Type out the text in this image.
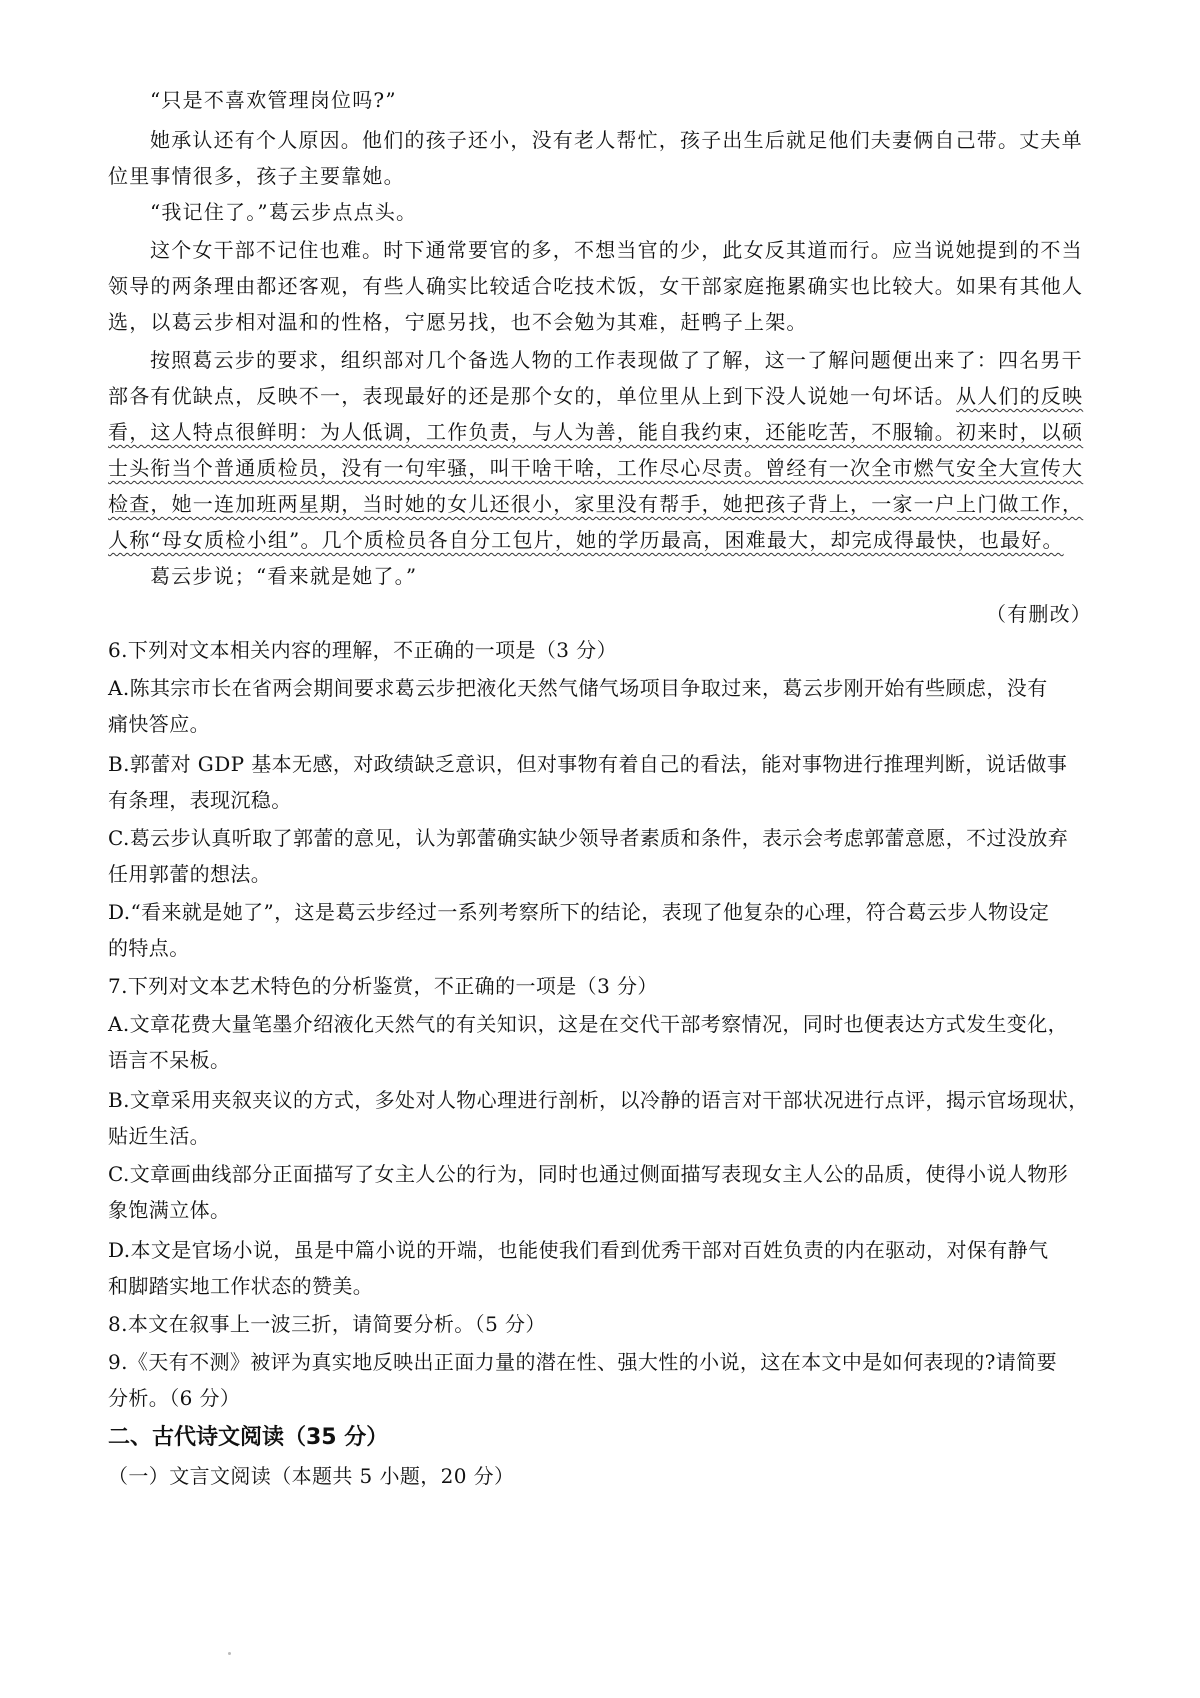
“只是不喜欢管理岗位吗?”
她承认还有个人原因。他们的孩子还小，没有老人帮忙，孩子出生后就足他们夫妻俩自己带。丈夫单
位里事情很多，孩子主要靠她。
“我记住了。”葛云步点点头。
这个女干部不记住也难。时下通常要官的多，不想当官的少，此女反其道而行。应当说她提到的不当
领导的两条理由都还客观，有些人确实比较适合吃技术饭，女干部家庭拖累确实也比较大。如果有其他人
选，以葛云步相对温和的性格，宁愿另找，也不会勉为其难，赶鸭子上架。
按照葛云步的要求，组织部对几个备选人物的工作表现做了了解，这一了解问题便出来了：四名男干
部各有优缺点，反映不一，表现最好的还是那个女的，单位里从上到下没人说她一句坏话。从人们的反映
看，这人特点很鲜明：为人低调，工作负责，与人为善，能自我约束，还能吃苦，不服输。初来时，以硕
士头衔当个普通质检员，没有一句牢骚，叫干啥干啥，工作尽心尽责。曾经有一次全市燃气安全大宣传大
检查，她一连加班两星期，当时她的女儿还很小，家里没有帮手，她把孩子背上，一家一户上门做工作，
人称“母女质检小组”。几个质检员各自分工包片，她的学历最高，困难最大，却完成得最快，也最好。
葛云步说；“看来就是她了。”
（有删改）
6.下列对文本相关内容的理解，不正确的一项是（3 分）
A.陈其宗市长在省两会期间要求葛云步把液化天然气储气场项目争取过来，葛云步刚开始有些顾虑，没有
痛快答应。
B.郭蕾对 GDP 基本无感，对政绩缺乏意识，但对事物有着自己的看法，能对事物进行推理判断，说话做事
有条理，表现沉稳。
C.葛云步认真听取了郭蕾的意见，认为郭蕾确实缺少领导者素质和条件，表示会考虑郭蕾意愿，不过没放弃
任用郭蕾的想法。
D.“看来就是她了”，这是葛云步经过一系列考察所下的结论，表现了他复杂的心理，符合葛云步人物设定
的特点。
7.下列对文本艺术特色的分析鉴赏，不正确的一项是（3 分）
A.文章花费大量笔墨介绍液化天然气的有关知识，这是在交代干部考察情况，同时也便表达方式发生变化，
语言不呆板。
B.文章采用夹叙夹议的方式，多处对人物心理进行剖析，以冷静的语言对干部状况进行点评，揭示官场现状，
贴近生活。
C.文章画曲线部分正面描写了女主人公的行为，同时也通过侧面描写表现女主人公的品质，使得小说人物形
象饱满立体。
D.本文是官场小说，虽是中篇小说的开端，也能使我们看到优秀干部对百姓负责的内在驱动，对保有静气
和脚踏实地工作状态的赞美。
8.本文在叙事上一波三折，请简要分析。（5 分）
9.《天有不测》被评为真实地反映出正面力量的潜在性、强大性的小说，这在本文中是如何表现的?请简要
分析。（6 分）
二、古代诗文阅读（35 分）
（一）文言文阅读（本题共 5 小题，20 分）
